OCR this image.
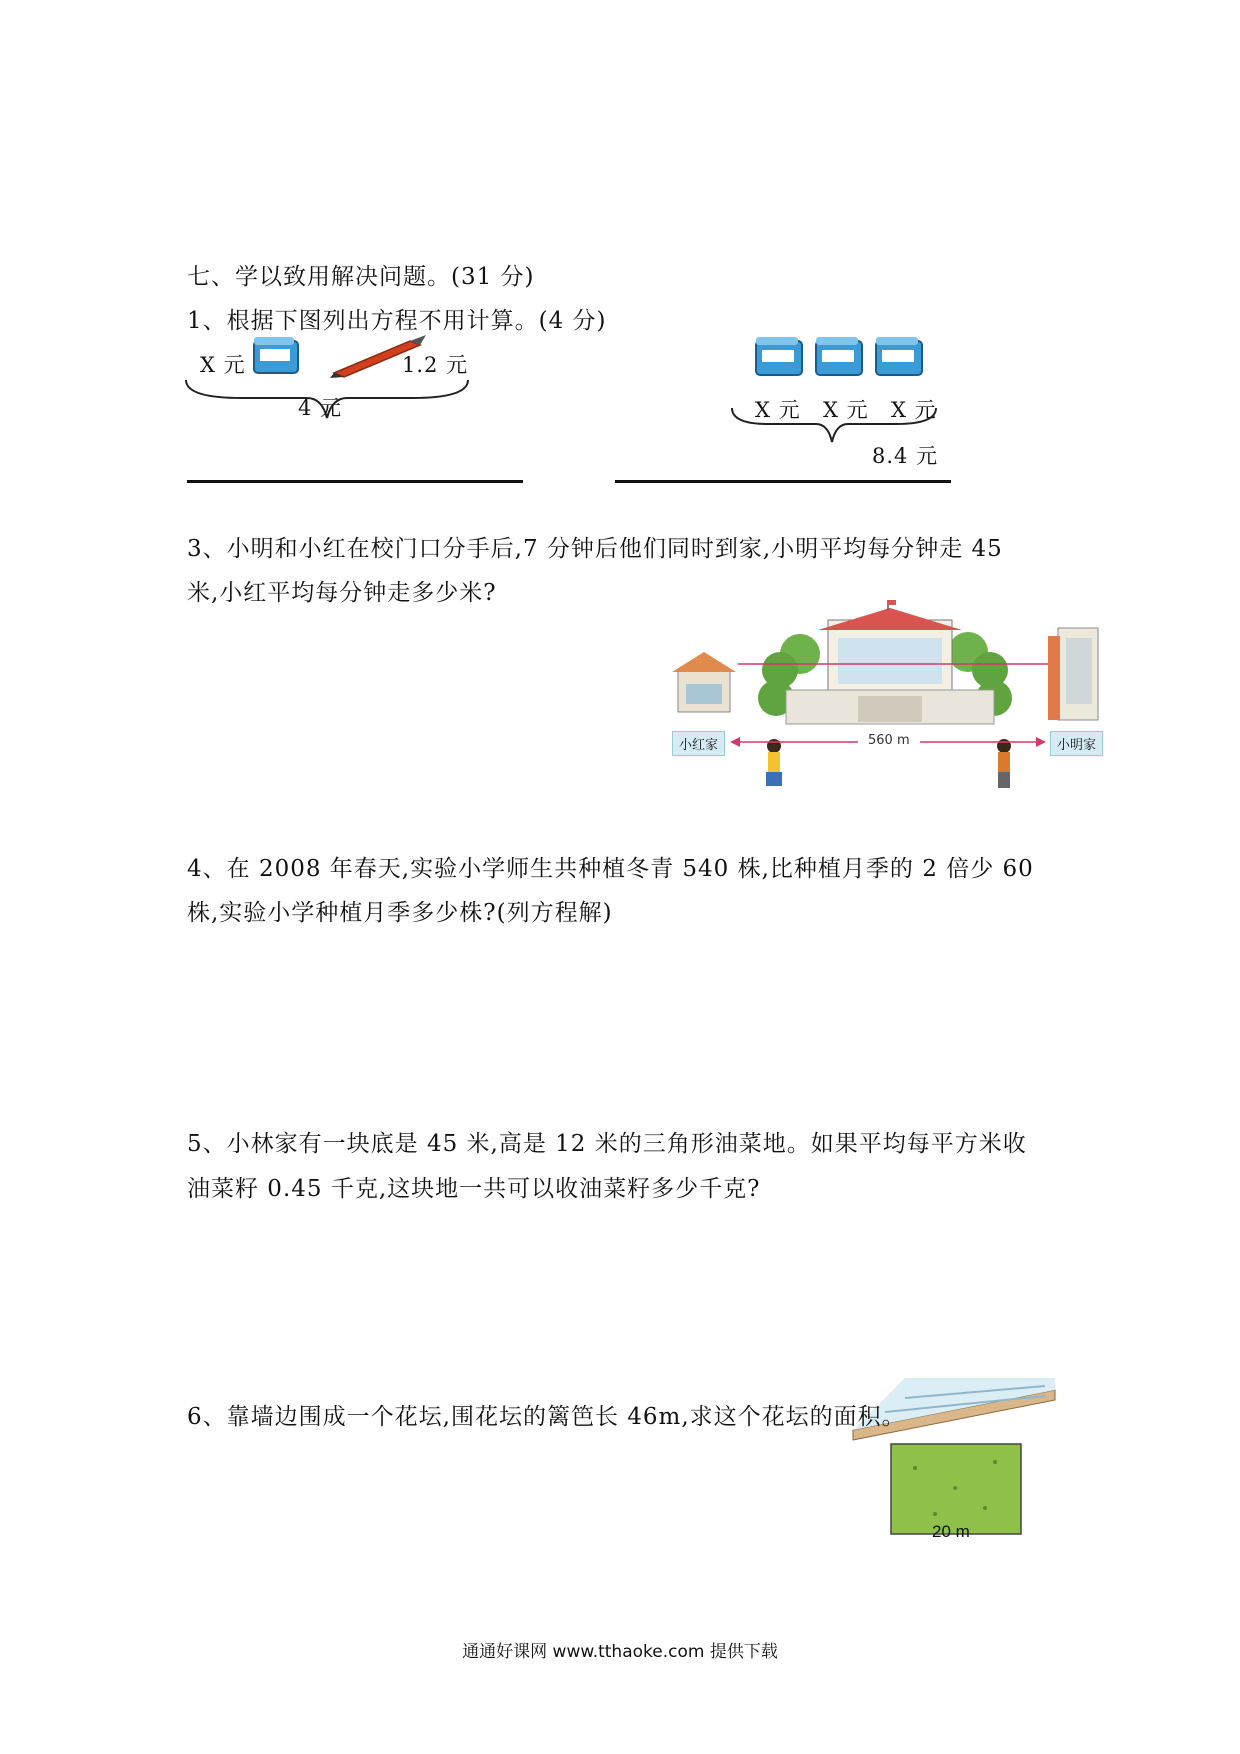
七、学以致用解决问题。(31 分)
1、根据下图列出方程不用计算。(4 分)
X 元	1.2 元
4 元	X 元 X 元 X 元
8.4 元
3、小明和小红在校门口分手后,7 分钟后他们同时到家,小明平均每分钟走 45
米,小红平均每分钟走多少米?
560 m
小红家	小明家
4、在 2008 年春天,实验小学师生共种植冬青 540 株,比种植月季的 2 倍少 60
株,实验小学种植月季多少株?(列方程解)
5、小林家有一块底是 45 米,高是 12 米的三角形油菜地。如果平均每平方米收
油菜籽 0.45 千克,这块地一共可以收油菜籽多少千克?
6、靠墙边围成一个花坛,围花坛的篱笆长 46m,求这个花坛的面积。
20 m
通通好课网 www.tthaoke.com 提供下载
